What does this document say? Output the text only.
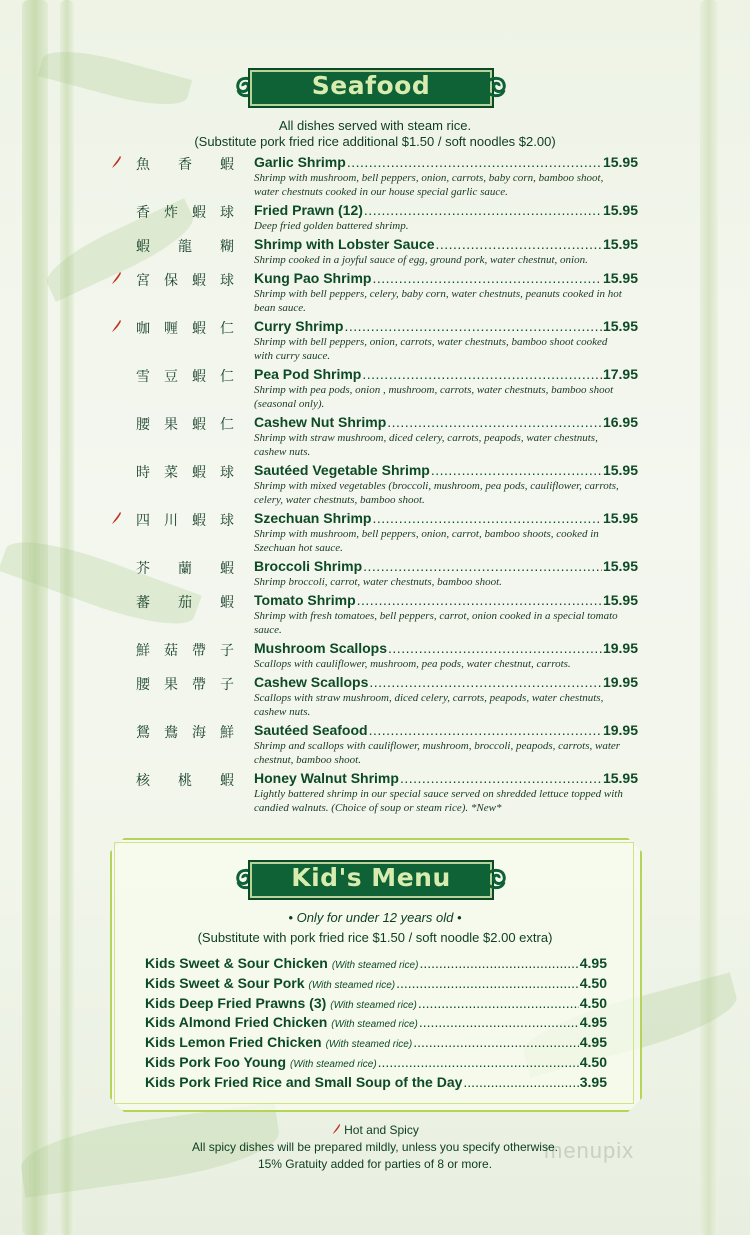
Seafood
All dishes served with steam rice.
(Substitute pork fried rice additional $1.50 / soft noodles $2.00)
魚 香 蝦 Garlic Shrimp .....	15.95
Shrimp with mushroom, bell peppers, onion, carrots, baby corn, bamboo shoot, water chestnuts cooked in our house special garlic sauce.
香 炸 蝦 球 Fried Prawn (12) .....	15.95
Deep fried golden battered shrimp.
蝦 龍 糊 Shrimp with Lobster Sauce .....	15.95
Shrimp cooked in a joyful sauce of egg, ground pork, water chestnut, onion.
宮 保 蝦 球 Kung Pao Shrimp .....	15.95
Shrimp with bell peppers, celery, baby corn, water chestnuts, peanuts cooked in hot bean sauce.
咖 喱 蝦 仁 Curry Shrimp .....	15.95
Shrimp with bell peppers, onion, carrots, water chestnuts, bamboo shoot cooked with curry sauce.
雪 豆 蝦 仁 Pea Pod Shrimp .....	17.95
Shrimp with pea pods, onion , mushroom, carrots, water chestnuts, bamboo shoot (seasonal only).
腰 果 蝦 仁 Cashew Nut Shrimp .....	16.95
Shrimp with straw mushroom, diced celery, carrots, peapods, water chestnuts, cashew nuts.
時 菜 蝦 球 Sautéed Vegetable Shrimp .....	15.95
Shrimp with mixed vegetables (broccoli, mushroom, pea pods, cauliflower, carrots, celery, water chestnuts, bamboo shoot.
四 川 蝦 球 Szechuan Shrimp .....	15.95
Shrimp with mushroom, bell peppers, onion, carrot, bamboo shoots, cooked in Szechuan hot sauce.
芥 蘭 蝦 Broccoli Shrimp .....	15.95
Shrimp broccoli, carrot, water chestnuts, bamboo shoot.
蕃 茄 蝦 Tomato Shrimp .....	15.95
Shrimp with fresh tomatoes, bell peppers, carrot, onion cooked in a special tomato sauce.
鮮 菇 帶 子 Mushroom Scallops .....	19.95
Scallops with cauliflower, mushroom, pea pods, water chestnut, carrots.
腰 果 帶 子 Cashew Scallops .....	19.95
Scallops with straw mushroom, diced celery, carrots, peapods, water chestnuts, cashew nuts.
鴛 鴦 海 鮮 Sautéed Seafood .....	19.95
Shrimp and scallops with cauliflower, mushroom, broccoli, peapods, carrots, water chestnut, bamboo shoot.
核 桃 蝦 Honey Walnut Shrimp .....	15.95
Lightly battered shrimp in our special sauce served on shredded lettuce topped with candied walnuts. (Choice of soup or steam rice). *New*
Kid's Menu
• Only for under 12 years old •
(Substitute with pork fried rice $1.50 / soft noodle $2.00 extra)
Kids Sweet & Sour Chicken (With steamed rice) .....	4.95
Kids Sweet & Sour Pork (With steamed rice) .....	4.50
Kids Deep Fried Prawns (3) (With steamed rice) .....	4.50
Kids Almond Fried Chicken (With steamed rice) .....	4.95
Kids Lemon Fried Chicken (With steamed rice) .....	4.95
Kids Pork Foo Young (With steamed rice) .....	4.50
Kids Pork Fried Rice and Small Soup of the Day .....	3.95
Hot and Spicy
All spicy dishes will be prepared mildly, unless you specify otherwise.
15% Gratuity added for parties of 8 or more.
menupix
